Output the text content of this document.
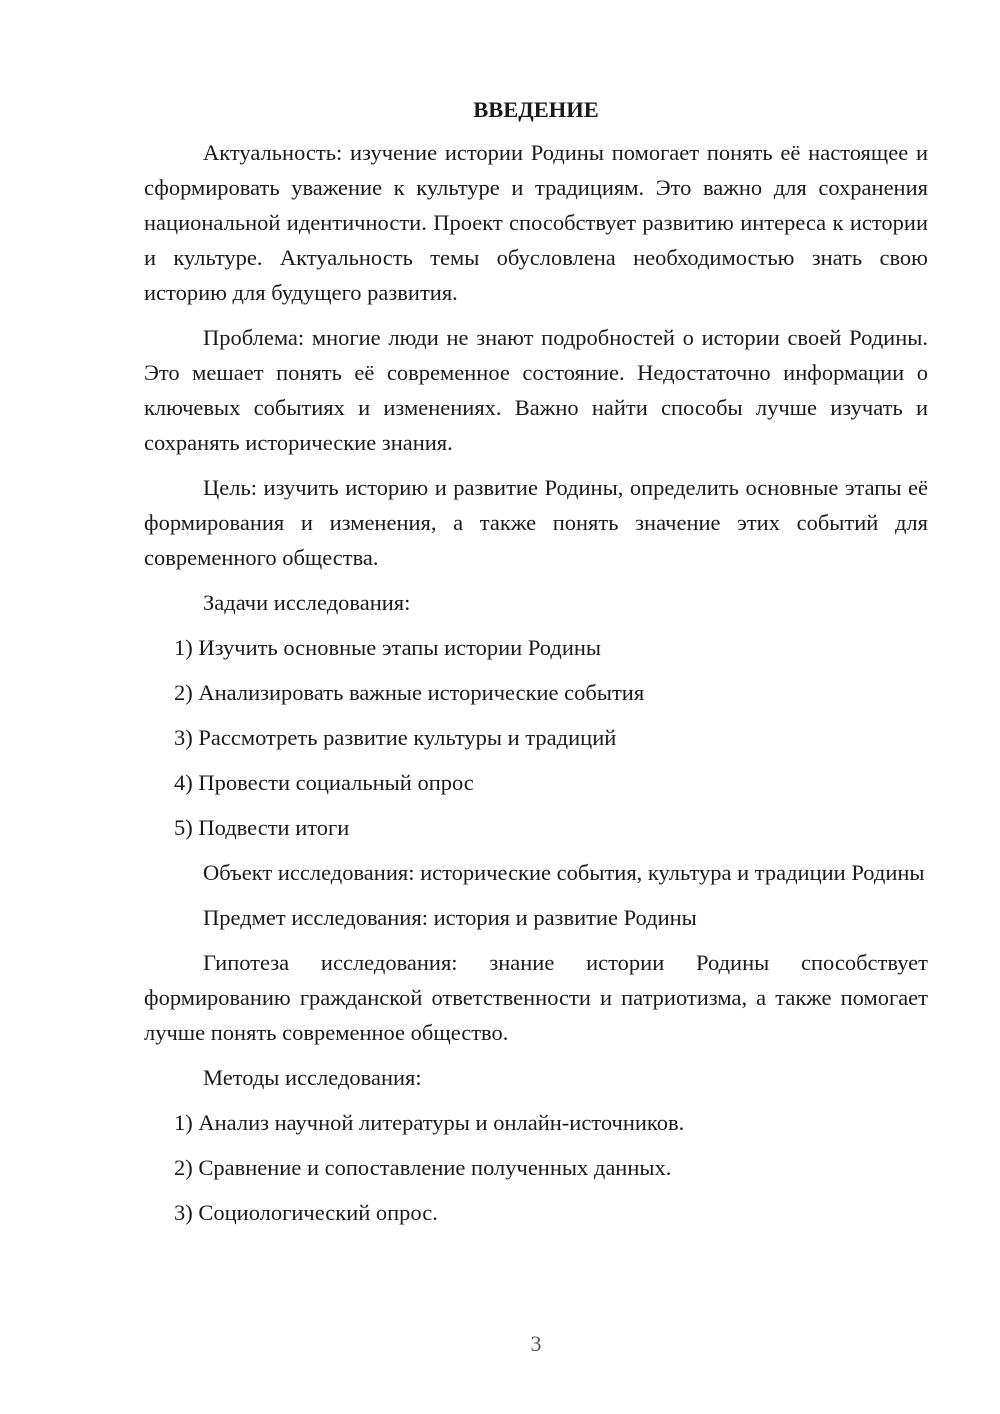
ВВЕДЕНИЕ

Актуальность: изучение истории Родины помогает понять её настоящее и сформировать уважение к культуре и традициям. Это важно для сохранения национальной идентичности. Проект способствует развитию интереса к истории и культуре. Актуальность темы обусловлена необходимостью знать свою историю для будущего развития.

Проблема: многие люди не знают подробностей о истории своей Родины. Это мешает понять её современное состояние. Недостаточно информации о ключевых событиях и изменениях. Важно найти способы лучше изучать и сохранять исторические знания.

Цель: изучить историю и развитие Родины, определить основные этапы её формирования и изменения, а также понять значение этих событий для современного общества.

Задачи исследования:

1) Изучить основные этапы истории Родины
2) Анализировать важные исторические события
3) Рассмотреть развитие культуры и традиций
4) Провести социальный опрос
5) Подвести итоги

Объект исследования: исторические события, культура и традиции Родины

Предмет исследования: история и развитие Родины

Гипотеза исследования: знание истории Родины способствует формированию гражданской ответственности и патриотизма, а также помогает лучше понять современное общество.

Методы исследования:

1) Анализ научной литературы и онлайн-источников.
2) Сравнение и сопоставление полученных данных.
3) Социологический опрос.
3
